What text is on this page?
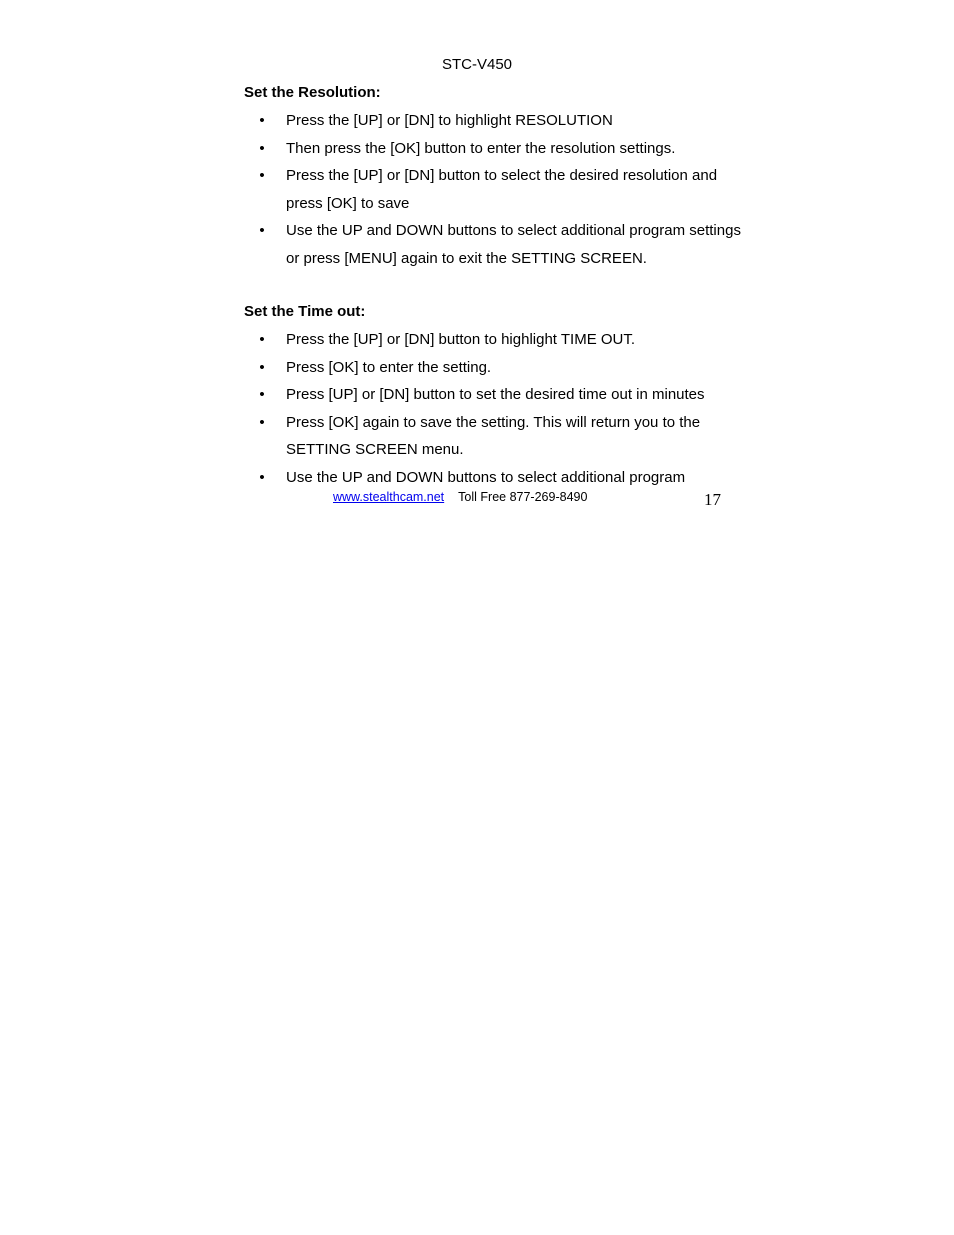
STC-V450
Set the Resolution:
• Press the [UP] or [DN] to highlight RESOLUTION
• Then press the [OK] button to enter the resolution settings.
• Press the [UP] or [DN] button to select the desired resolution and press [OK] to save
• Use the UP and DOWN buttons to select additional program settings or press [MENU] again to exit the SETTING SCREEN.
Set the Time out:
• Press the [UP] or [DN] button to highlight TIME OUT.
• Press [OK] to enter the setting.
• Press [UP] or [DN] button to set the desired time out in minutes
• Press [OK] again to save the setting. This will return you to the SETTING SCREEN menu.
• Use the UP and DOWN buttons to select additional program
www.stealthcam.net Toll Free 877-269-8490	17
